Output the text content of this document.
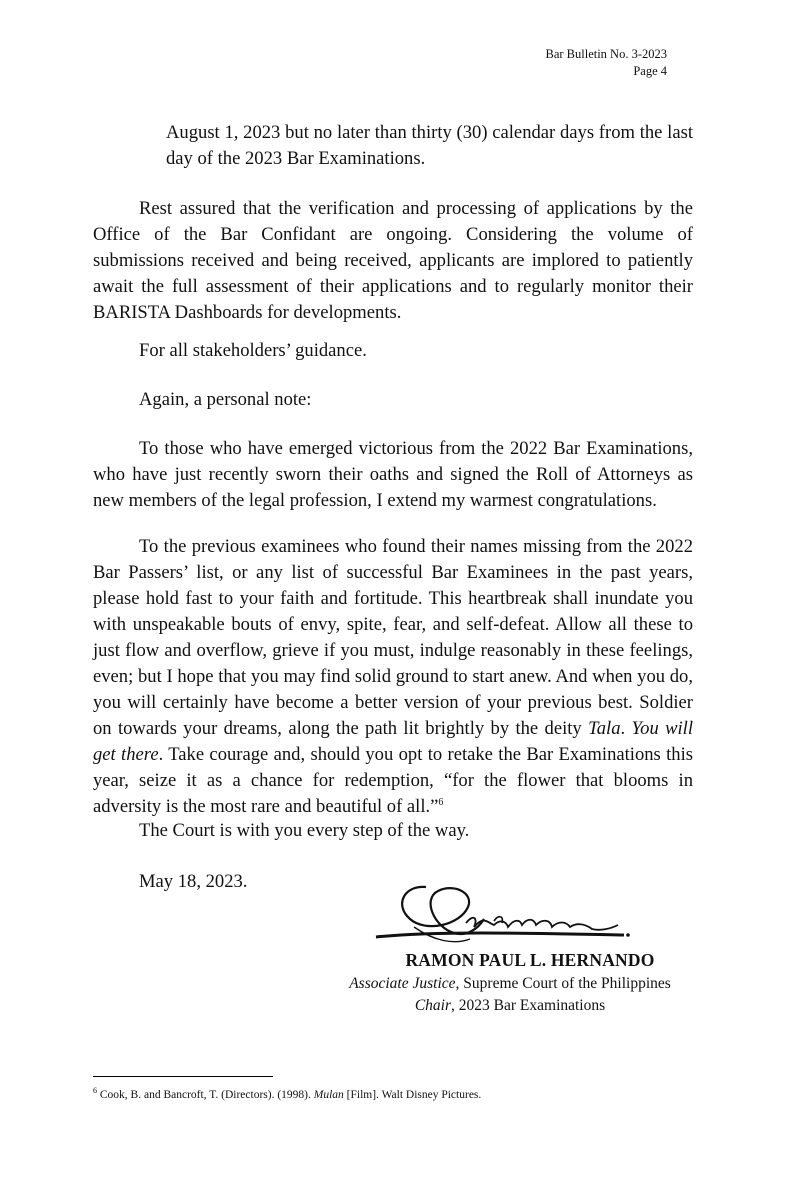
Bar Bulletin No. 3-2023
Page 4

August 1, 2023 but no later than thirty (30) calendar days from the last day of the 2023 Bar Examinations.

Rest assured that the verification and processing of applications by the Office of the Bar Confidant are ongoing. Considering the volume of submissions received and being received, applicants are implored to patiently await the full assessment of their applications and to regularly monitor their BARISTA Dashboards for developments.

For all stakeholders’ guidance.

Again, a personal note:

To those who have emerged victorious from the 2022 Bar Examinations, who have just recently sworn their oaths and signed the Roll of Attorneys as new members of the legal profession, I extend my warmest congratulations.

To the previous examinees who found their names missing from the 2022 Bar Passers’ list, or any list of successful Bar Examinees in the past years, please hold fast to your faith and fortitude. This heartbreak shall inundate you with unspeakable bouts of envy, spite, fear, and self-defeat. Allow all these to just flow and overflow, grieve if you must, indulge reasonably in these feelings, even; but I hope that you may find solid ground to start anew. And when you do, you will certainly have become a better version of your previous best. Soldier on towards your dreams, along the path lit brightly by the deity Tala. You will get there. Take courage and, should you opt to retake the Bar Examinations this year, seize it as a chance for redemption, “for the flower that blooms in adversity is the most rare and beautiful of all.”$^6$

The Court is with you every step of the way.

May 18, 2023.

RAMON PAUL L. HERNANDO
Associate Justice, Supreme Court of the Philippines
Chair, 2023 Bar Examinations
$^6$ Cook, B. and Bancroft, T. (Directors). (1998). Mulan [Film]. Walt Disney Pictures.
